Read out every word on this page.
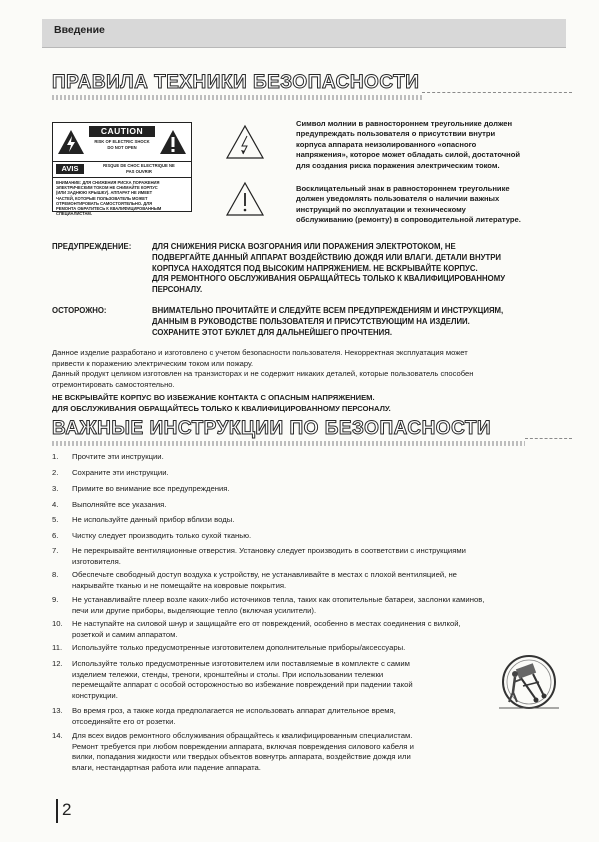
Введение
ПРАВИЛА ТЕХНИКИ БЕЗОПАСНОСТИ
CAUTION
RISK OF ELECTRIC SHOCK
DO NOT OPEN
AVIS	RISQUE DE CHOC ELECTRIQUE NE
PAS OUVRIR
ВНИМАНИЕ: ДЛЯ СНИЖЕНИЯ РИСКА ПОРАЖЕНИЯ
ЭЛЕКТРИЧЕСКИМ ТОКОМ НЕ СНИМАЙТЕ КОРПУС
(ИЛИ ЗАДНЮЮ КРЫШКУ). АППАРАТ НЕ ИМЕЕТ
ЧАСТЕЙ, КОТОРЫЕ ПОЛЬЗОВАТЕЛЬ МОЖЕТ
ОТРЕМОНТИРОВАТЬ САМОСТОЯТЕЛЬНО. ДЛЯ
РЕМОНТА ОБРАТИТЕСЬ К КВАЛИФИЦИРОВАННЫМ
СПЕЦИАЛИСТАМ.
Символ молнии в равностороннем треугольнике должен
предупреждать пользователя о присутствии внутри
корпуса аппарата неизолированного «опасного
напряжения», которое может обладать силой, достаточной
для создания риска поражения электрическим током.
Восклицательный знак в равностороннем треугольнике
должен уведомлять пользователя о наличии важных
инструкций по эксплуатации и техническому
обслуживанию (ремонту) в сопроводительной литературе.
ПРЕДУПРЕЖДЕНИЕ:	ДЛЯ СНИЖЕНИЯ РИСКА ВОЗГОРАНИЯ ИЛИ ПОРАЖЕНИЯ ЭЛЕКТРОТОКОМ, НЕ
ПОДВЕРГАЙТЕ ДАННЫЙ АППАРАТ ВОЗДЕЙСТВИЮ ДОЖДЯ ИЛИ ВЛАГИ. ДЕТАЛИ ВНУТРИ
КОРПУСА НАХОДЯТСЯ ПОД ВЫСОКИМ НАПРЯЖЕНИЕМ. НЕ ВСКРЫВАЙТЕ КОРПУС.
ДЛЯ РЕМОНТНОГО ОБСЛУЖИВАНИЯ ОБРАЩАЙТЕСЬ ТОЛЬКО К КВАЛИФИЦИРОВАННОМУ
ПЕРСОНАЛУ.
ОСТОРОЖНО:	ВНИМАТЕЛЬНО ПРОЧИТАЙТЕ И СЛЕДУЙТЕ ВСЕМ ПРЕДУПРЕЖДЕНИЯМ И ИНСТРУКЦИЯМ,
ДАННЫМ В РУКОВОДСТВЕ ПОЛЬЗОВАТЕЛЯ И ПРИСУТСТВУЮЩИМ НА ИЗДЕЛИИ.
СОХРАНИТЕ ЭТОТ БУКЛЕТ ДЛЯ ДАЛЬНЕЙШЕГО ПРОЧТЕНИЯ.
Данное изделие разработано и изготовлено с учетом безопасности пользователя. Некорректная эксплуатация может
привести к поражению электрическим током или пожару.
Данный продукт целиком изготовлен на транзисторах и не содержит никаких деталей, которые пользователь способен
отремонтировать самостоятельно.
НЕ ВСКРЫВАЙТЕ КОРПУС ВО ИЗБЕЖАНИЕ КОНТАКТА С ОПАСНЫМ НАПРЯЖЕНИЕМ.
ДЛЯ ОБСЛУЖИВАНИЯ ОБРАЩАЙТЕСЬ ТОЛЬКО К КВАЛИФИЦИРОВАННОМУ ПЕРСОНАЛУ.
ВАЖНЫЕ ИНСТРУКЦИИ ПО БЕЗОПАСНОСТИ
1.	Прочтите эти инструкции.
2.	Сохраните эти инструкции.
3.	Примите во внимание все предупреждения.
4.	Выполняйте все указания.
5.	Не используйте данный прибор вблизи воды.
6.	Чистку следует производить только сухой тканью.
7.	Не перекрывайте вентиляционные отверстия. Установку следует производить в соответствии с инструкциями
изготовителя.
8.	Обеспечьте свободный доступ воздуха к устройству, не устанавливайте в местах с плохой вентиляцией, не
накрывайте тканью и не помещайте на ковровые покрытия.
9.	Не устанавливайте плеер возле каких-либо источников тепла, таких как отопительные батареи, заслонки каминов,
печи или другие приборы, выделяющие тепло (включая усилители).
10.	Не наступайте на силовой шнур и защищайте его от повреждений, особенно в местах соединения с вилкой,
розеткой и самим аппаратом.
11.	Используйте только предусмотренные изготовителем дополнительные приборы/аксессуары.
12.	Используйте только предусмотренные изготовителем или поставляемые в комплекте с самим
изделием тележки, стенды, треноги, кронштейны и столы. При использовании тележки
перемещайте аппарат с особой осторожностью во избежание повреждений при падении такой
конструкции.
13.	Во время гроз, а также когда предполагается не использовать аппарат длительное время,
отсоединяйте его от розетки.
14.	Для всех видов ремонтного обслуживания обращайтесь к квалифицированным специалистам.
Ремонт требуется при любом повреждении аппарата, включая повреждения силового кабеля и
вилки, попадания жидкости или твердых объектов вовнутрь аппарата, воздействие дождя или
влаги, нестандартная работа или падение аппарата.
2
